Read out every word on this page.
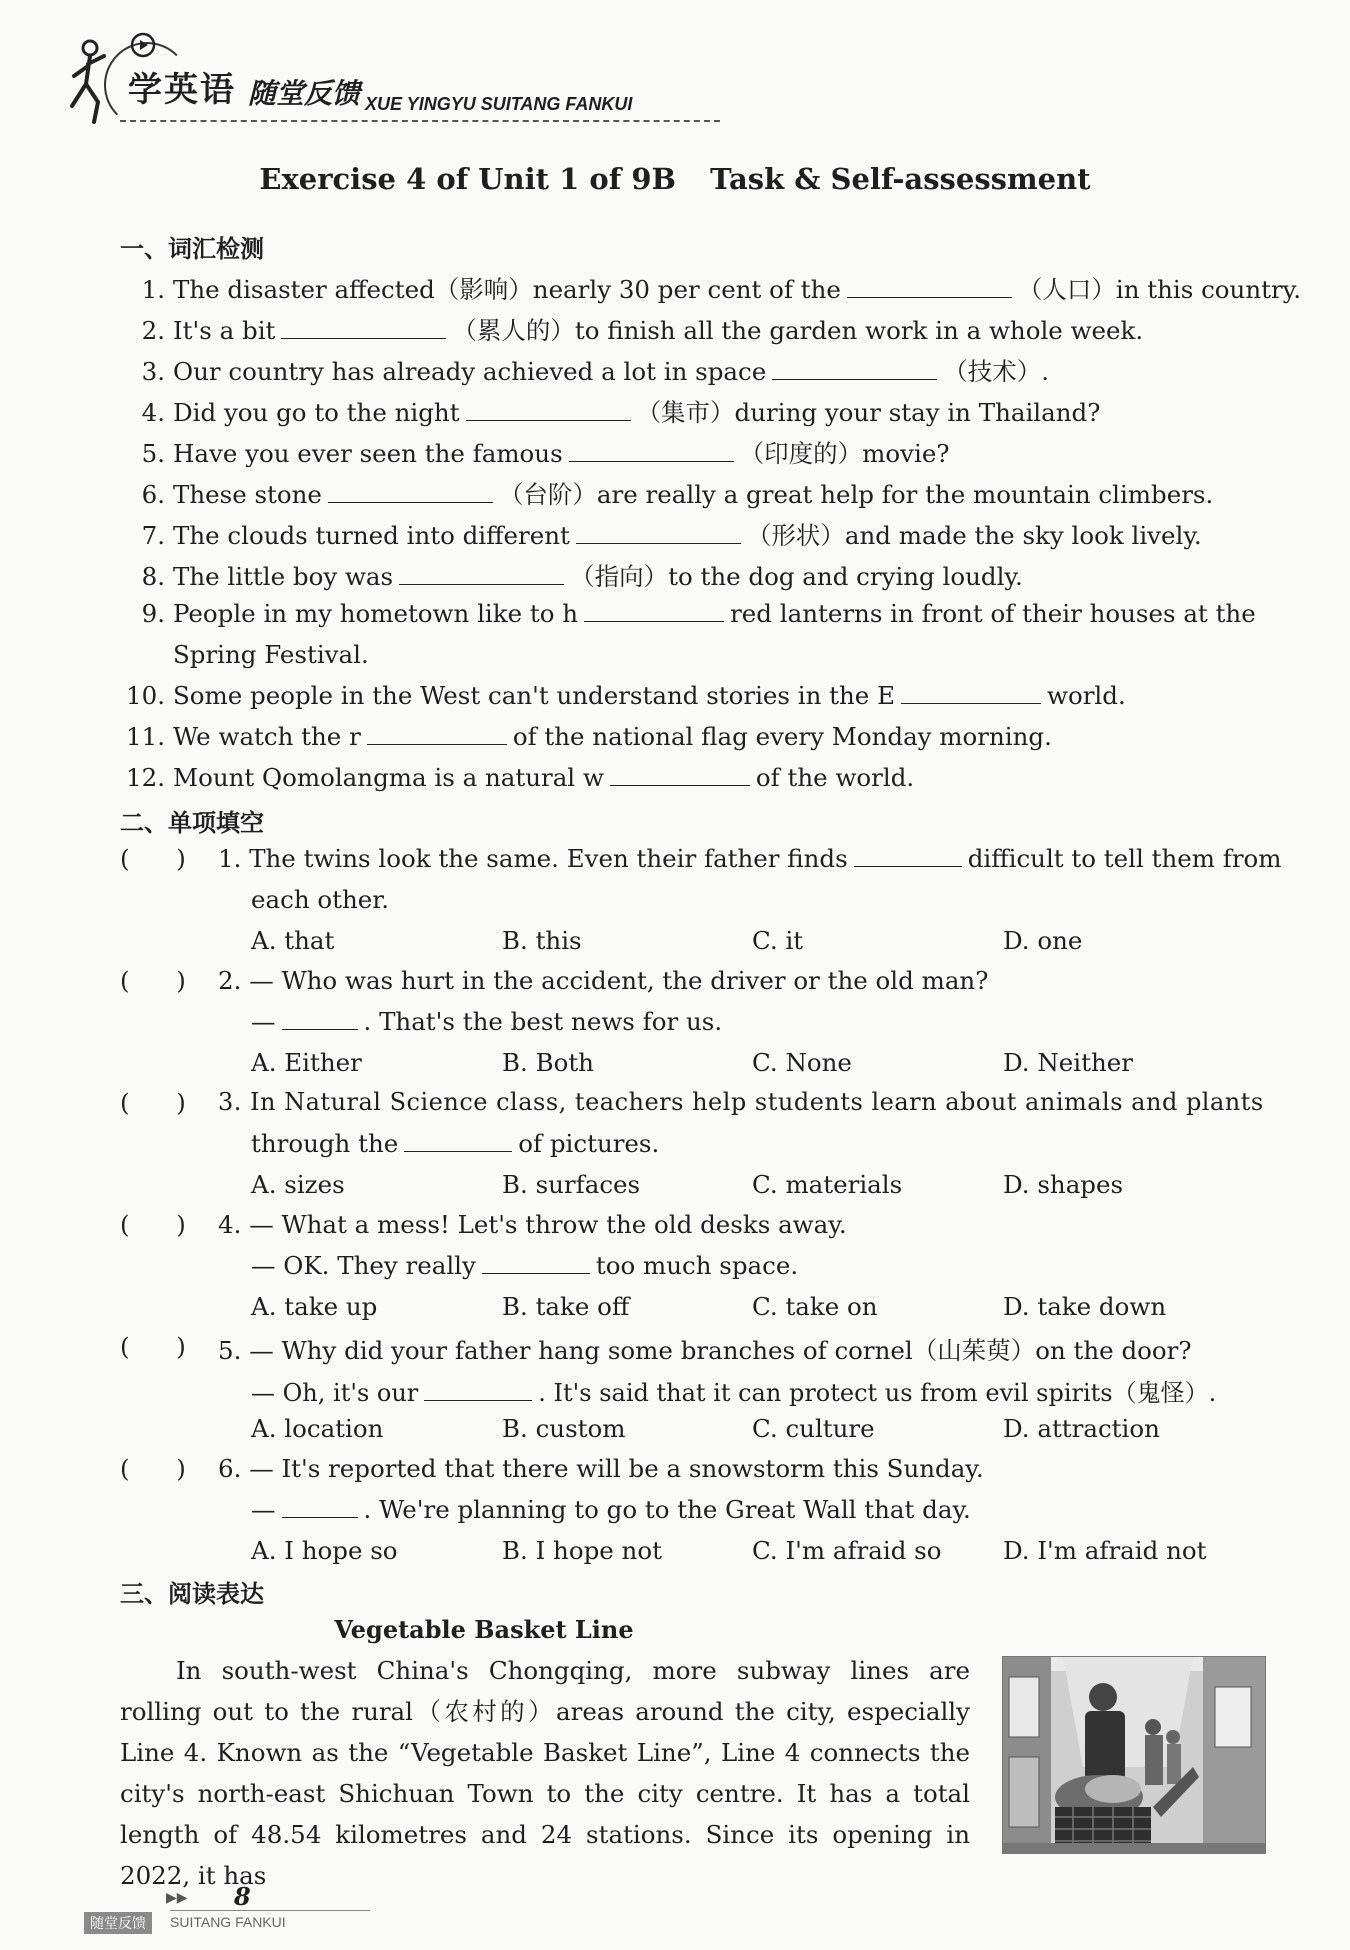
学英语 随堂反馈 XUE YINGYU SUITANG FANKUI
Exercise 4 of Unit 1 of 9B Task & Self-assessment
一、词汇检测
1. The disaster affected（影响）nearly 30 per cent of the	（人口）in this country.
2. It's a bit	（累人的）to finish all the garden work in a whole week.
3. Our country has already achieved a lot in space	（技术）.
4. Did you go to the night	（集市）during your stay in Thailand?
5. Have you ever seen the famous	（印度的）movie?
6. These stone	（台阶）are really a great help for the mountain climbers.
7. The clouds turned into different	（形状）and made the sky look lively.
8. The little boy was	（指向）to the dog and crying loudly.
9. People in my hometown like to h	red lanterns in front of their houses at the
Spring Festival.
10. Some people in the West can't understand stories in the E	world.
11. We watch the r	of the national flag every Monday morning.
12. Mount Qomolangma is a natural w	of the world.
二、单项填空
(      ) 1. The twins look the same. Even their father finds	difficult to tell them from
each other.
A. that	B. this	C. it	D. one
(      ) 2. — Who was hurt in the accident, the driver or the old man?
—	. That's the best news for us.
A. Either	B. Both	C. None	D. Neither
(      ) 3. In Natural Science class, teachers help students learn about animals and plants
through the	of pictures.
A. sizes	B. surfaces	C. materials	D. shapes
(      ) 4. — What a mess! Let's throw the old desks away.
— OK. They really	too much space.
A. take up	B. take off	C. take on	D. take down
(      ) 5. — Why did your father hang some branches of cornel（山茱萸）on the door?
— Oh, it's our	. It's said that it can protect us from evil spirits（鬼怪）.
A. location	B. custom	C. culture	D. attraction
(      ) 6. — It's reported that there will be a snowstorm this Sunday.
—	. We're planning to go to the Great Wall that day.
A. I hope so	B. I hope not	C. I'm afraid so	D. I'm afraid not
三、阅读表达
Vegetable Basket Line

In south-west China's Chongqing, more subway lines are rolling out to the rural（农村的）areas around the city, especially Line 4. Known as the “Vegetable Basket Line”, Line 4 connects the city's north-east Shichuan Town to the city centre. It has a total length of 48.54 kilometres and 24 stations. Since its opening in 2022, it has

▶▶ 8
随堂反馈	SUITANG FANKUI
